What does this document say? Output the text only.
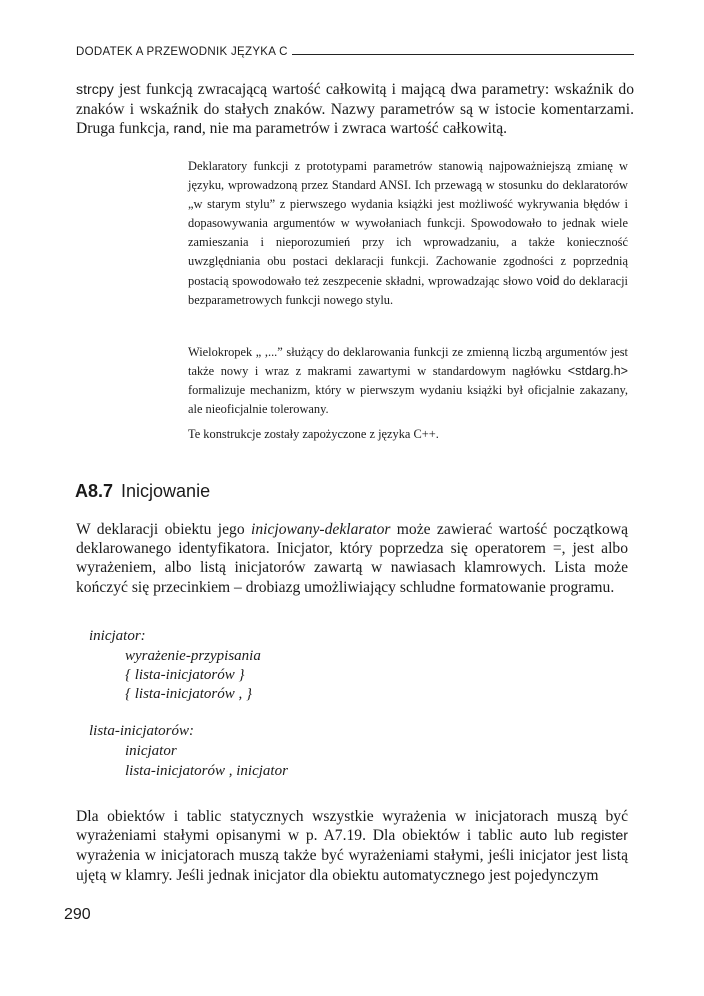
DODATEK A PRZEWODNIK JĘZYKA C

strcpy jest funkcją zwracającą wartość całkowitą i mającą dwa parametry: wskaźnik do znaków i wskaźnik do stałych znaków. Nazwy parametrów są w istocie komentarzami. Druga funkcja, rand, nie ma parametrów i zwraca wartość całkowitą.

Deklaratory funkcji z prototypami parametrów stanowią najpoważniejszą zmianę w języku, wprowadzoną przez Standard ANSI. Ich przewagą w stosunku do deklaratorów „w starym stylu” z pierwszego wydania książki jest możliwość wykrywania błędów i dopasowywania argumentów w wywołaniach funkcji. Spowodowało to jednak wiele zamieszania i nieporozumień przy ich wprowadzaniu, a także konieczność uwzględniania obu postaci deklaracji funkcji. Zachowanie zgodności z poprzednią postacią spowodowało też zeszpecenie składni, wprowadzając słowo void do deklaracji bezparametrowych funkcji nowego stylu.

Wielokropek „ ,...” służący do deklarowania funkcji ze zmienną liczbą argumentów jest także nowy i wraz z makrami zawartymi w standardowym nagłówku <stdarg.h> formalizuje mechanizm, który w pierwszym wydaniu książki był oficjalnie zakazany, ale nieoficjalnie tolerowany.

Te konstrukcje zostały zapożyczone z języka C++.

A8.7 Inicjowanie

W deklaracji obiektu jego inicjowany-deklarator może zawierać wartość początkową deklarowanego identyfikatora. Inicjator, który poprzedza się operatorem =, jest albo wyrażeniem, albo listą inicjatorów zawartą w nawiasach klamrowych. Lista może kończyć się przecinkiem – drobiazg umożliwiający schludne formatowanie programu.

inicjator:

wyrażenie-przypisania

{ lista-inicjatorów }

{ lista-inicjatorów , }

lista-inicjatorów:

inicjator

lista-inicjatorów , inicjator

Dla obiektów i tablic statycznych wszystkie wyrażenia w inicjatorach muszą być wyrażeniami stałymi opisanymi w p. A7.19. Dla obiektów i tablic auto lub register wyrażenia w inicjatorach muszą także być wyrażeniami stałymi, jeśli inicjator jest listą ujętą w klamry. Jeśli jednak inicjator dla obiektu automatycznego jest pojedynczym

290
